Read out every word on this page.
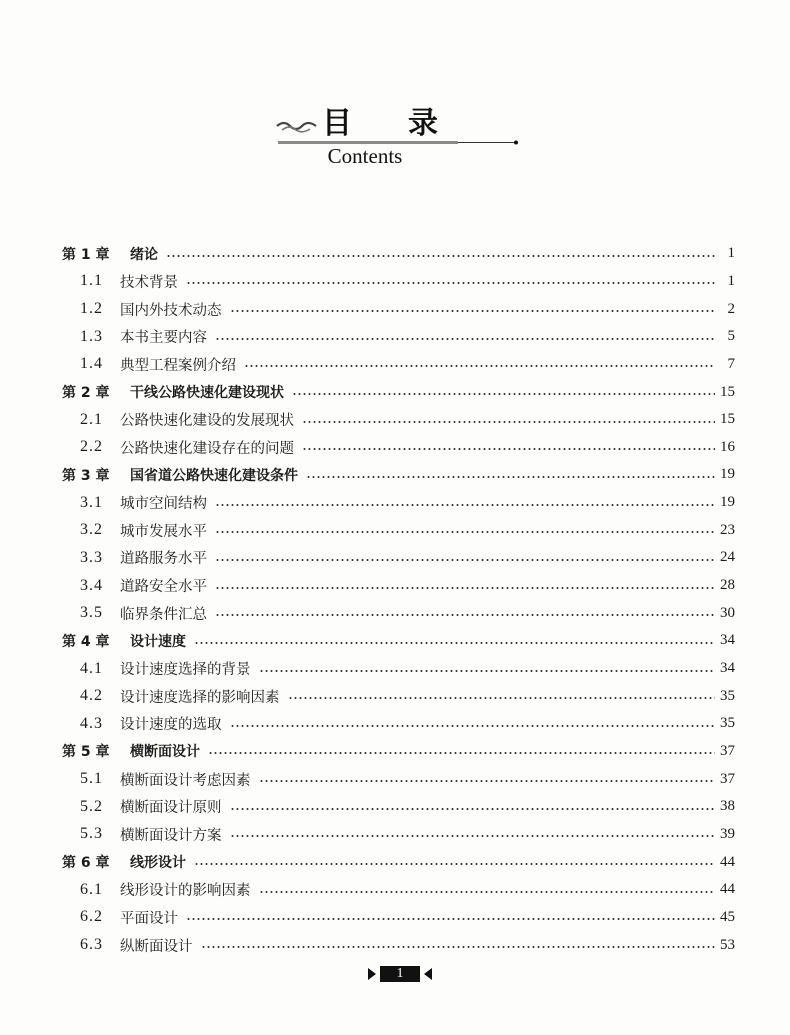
目录
Contents
第 1 章	绪论	1
1.1	技术背景	1
1.2	国内外技术动态	2
1.3	本书主要内容	5
1.4	典型工程案例介绍	7
第 2 章	干线公路快速化建设现状	15
2.1	公路快速化建设的发展现状	15
2.2	公路快速化建设存在的问题	16
第 3 章	国省道公路快速化建设条件	19
3.1	城市空间结构	19
3.2	城市发展水平	23
3.3	道路服务水平	24
3.4	道路安全水平	28
3.5	临界条件汇总	30
第 4 章	设计速度	34
4.1	设计速度选择的背景	34
4.2	设计速度选择的影响因素	35
4.3	设计速度的选取	35
第 5 章	横断面设计	37
5.1	横断面设计考虑因素	37
5.2	横断面设计原则	38
5.3	横断面设计方案	39
第 6 章	线形设计	44
6.1	线形设计的影响因素	44
6.2	平面设计	45
6.3	纵断面设计	53
1
